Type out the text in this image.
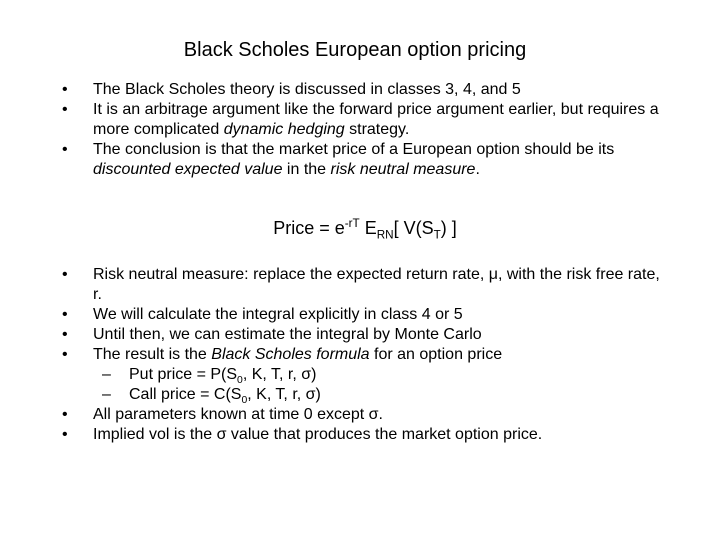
Black Scholes European option pricing
•	The Black Scholes theory is discussed in classes 3, 4, and 5
•	It is an arbitrage argument like the forward price argument earlier, but requires a more complicated dynamic hedging strategy.
•	The conclusion is that the market price of a European option should be its discounted expected value in the risk neutral measure.
Price = $e^{-rT}$ $E_{RN}$[ $V(S_T)$ ]
•	Risk neutral measure: replace the expected return rate, μ, with the risk free rate, r.
•	We will calculate the integral explicitly in class 4 or 5
•	Until then, we can estimate the integral by Monte Carlo
•	The result is the Black Scholes formula for an option price
– Put price = $P(S_0$, K, T, r, σ)
– Call price = $C(S_0$, K, T, r, σ)
•	All parameters known at time 0 except σ.
•	Implied vol is the σ value that produces the market option price.
